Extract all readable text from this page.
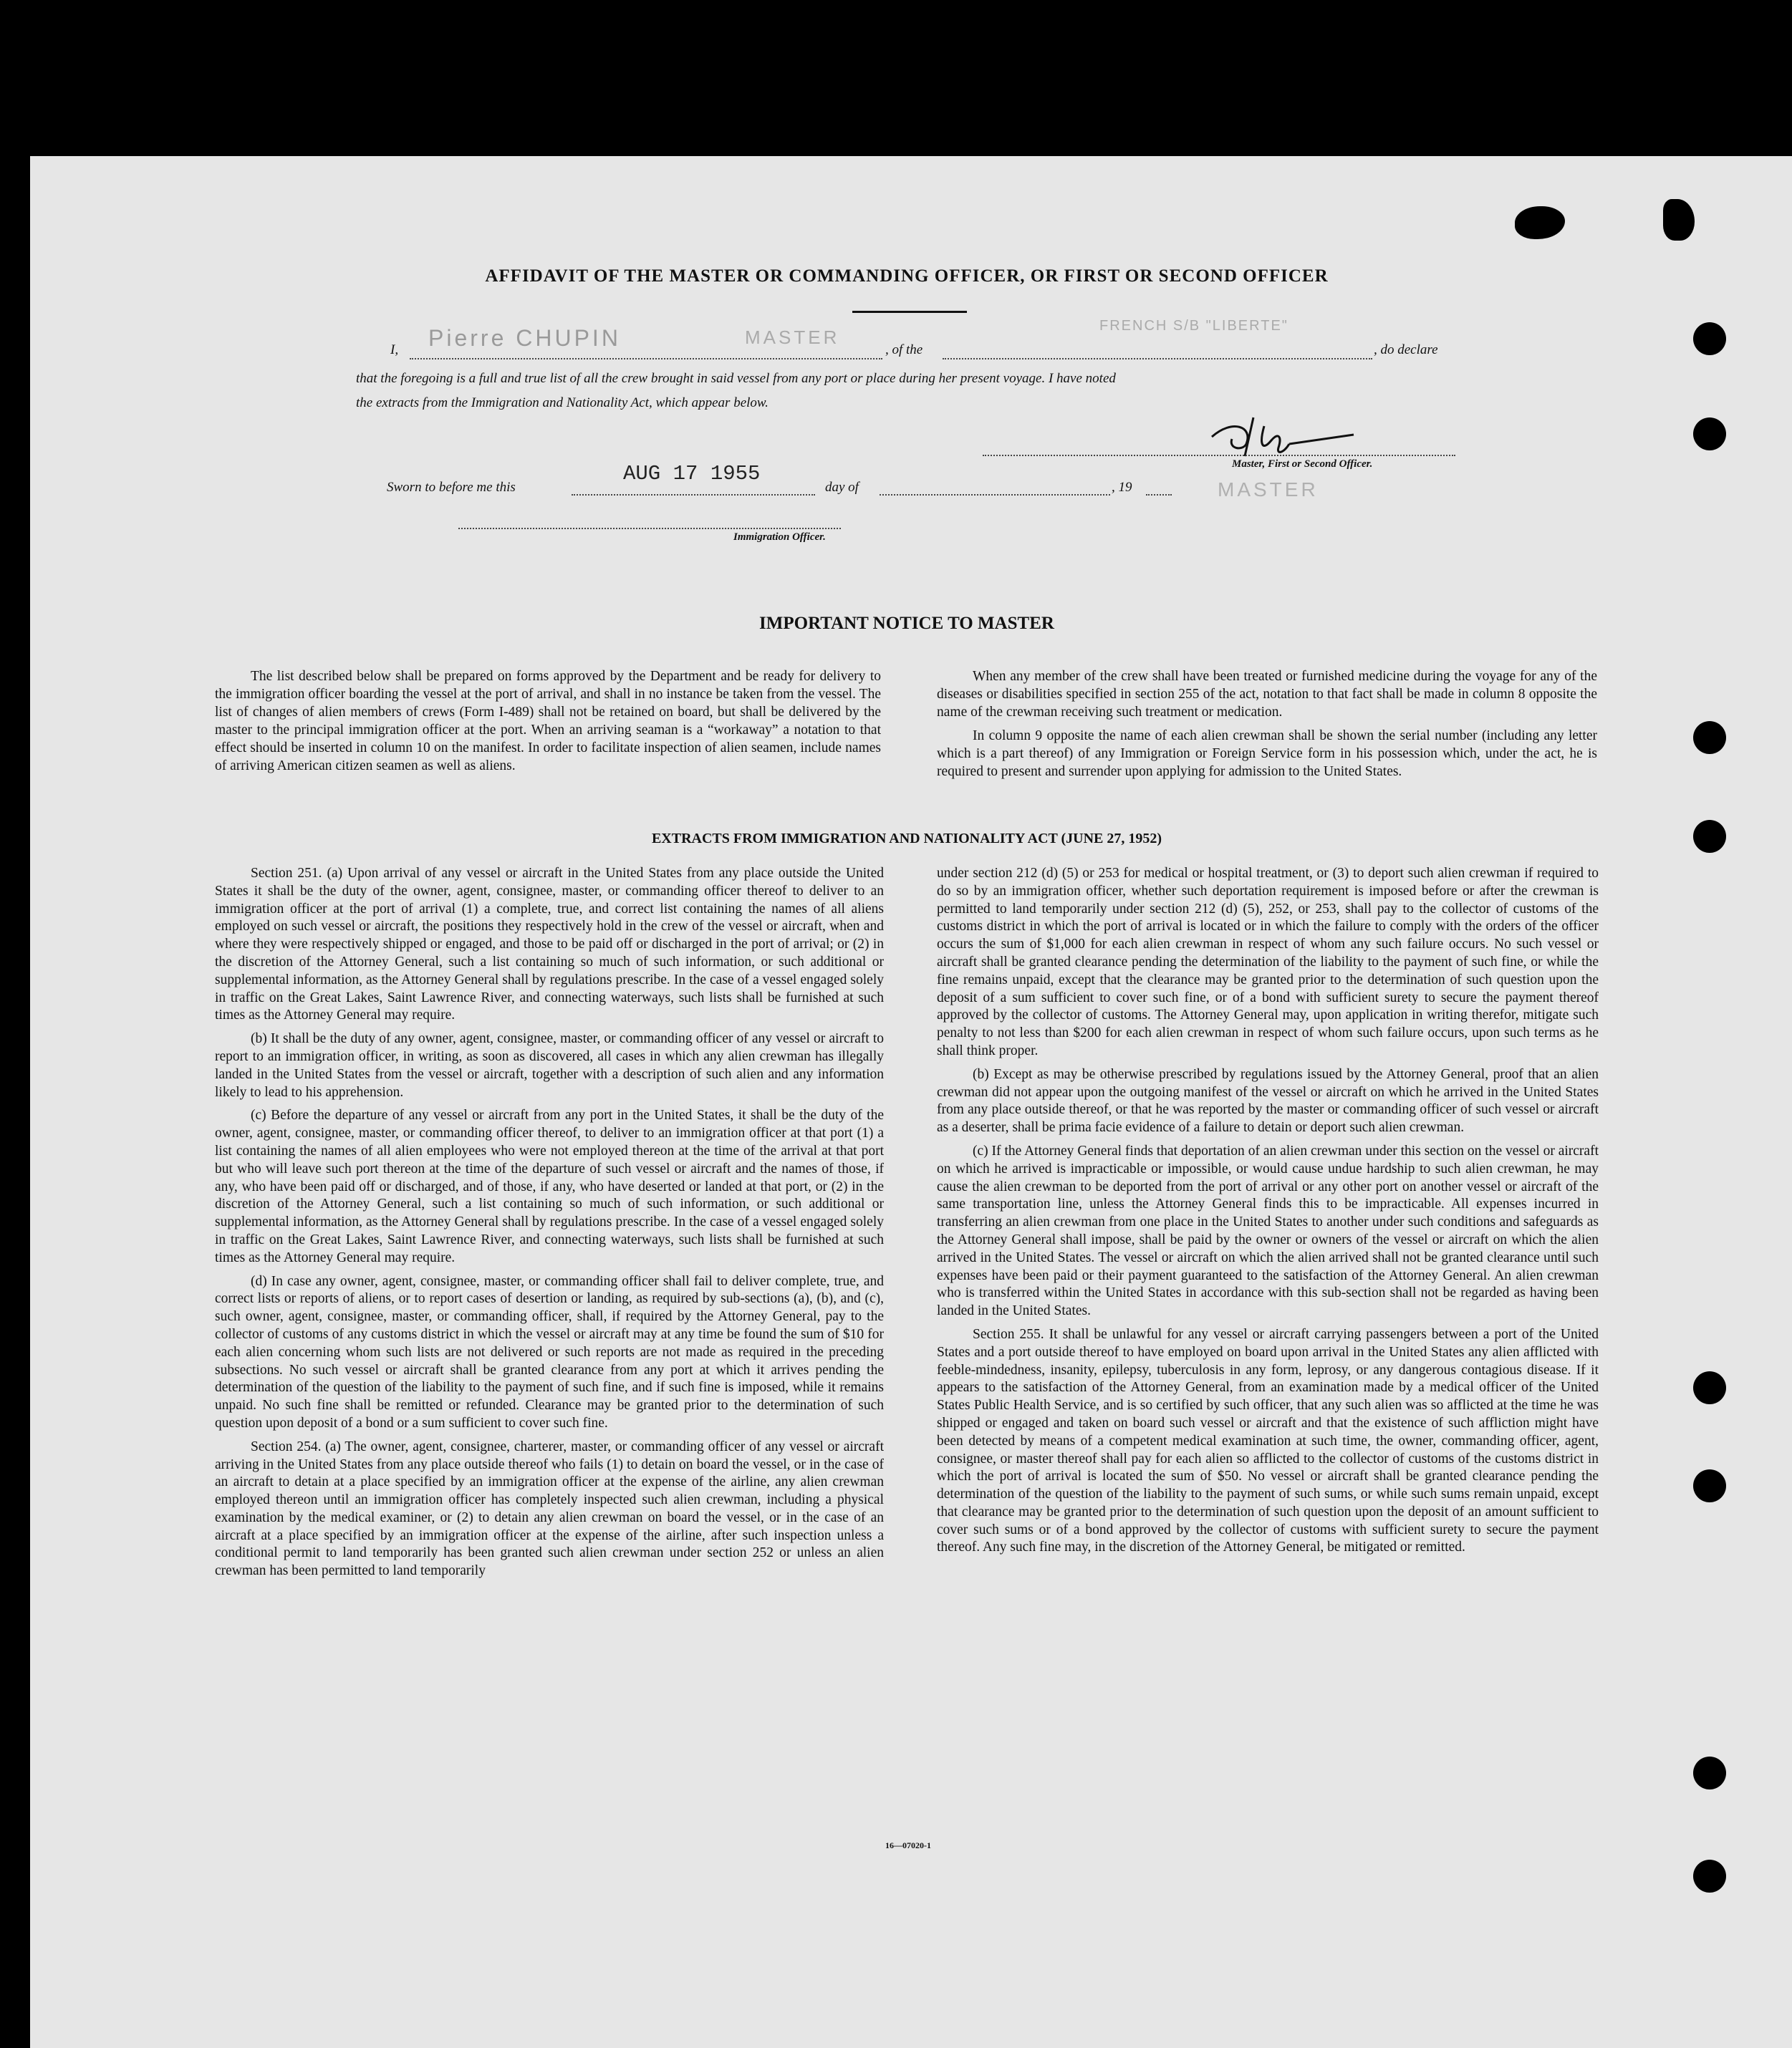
AFFIDAVIT OF THE MASTER OR COMMANDING OFFICER, OR FIRST OR SECOND OFFICER
I, Pierre CHUPIN	MASTER
, of the
FRENCH S/B "LIBERTE"
, do declare
that the foregoing is a full and true list of all the crew brought in said vessel from any port or place during her present voyage. I have noted
the extracts from the Immigration and Nationality Act, which appear below.
Master, First or Second Officer.
MASTER
Sworn to before me this
AUG 17 1955
day of	, 19
Immigration Officer.
IMPORTANT NOTICE TO MASTER

The list described below shall be prepared on forms approved by the Department and be ready for delivery to the immigration officer boarding the vessel at the port of arrival, and shall in no instance be taken from the vessel. The list of changes of alien members of crews (Form I-489) shall not be retained on board, but shall be delivered by the master to the principal immigration officer at the port. When an arriving seaman is a “workaway” a notation to that effect should be inserted in column 10 on the manifest. In order to facilitate inspection of alien seamen, include names of arriving American citizen seamen as well as aliens.

When any member of the crew shall have been treated or furnished medicine during the voyage for any of the diseases or disabilities specified in section 255 of the act, notation to that fact shall be made in column 8 opposite the name of the crewman receiving such treatment or medication.

In column 9 opposite the name of each alien crewman shall be shown the serial number (including any letter which is a part thereof) of any Immigration or Foreign Service form in his possession which, under the act, he is required to present and surrender upon applying for admission to the United States.

EXTRACTS FROM IMMIGRATION AND NATIONALITY ACT (JUNE 27, 1952)

Section 251. (a) Upon arrival of any vessel or aircraft in the United States from any place outside the United States it shall be the duty of the owner, agent, consignee, master, or commanding officer thereof to deliver to an immigration officer at the port of arrival (1) a complete, true, and correct list containing the names of all aliens employed on such vessel or aircraft, the positions they respectively hold in the crew of the vessel or aircraft, when and where they were respectively shipped or engaged, and those to be paid off or discharged in the port of arrival; or (2) in the discretion of the Attorney General, such a list containing so much of such information, or such additional or supplemental information, as the Attorney General shall by regulations prescribe. In the case of a vessel engaged solely in traffic on the Great Lakes, Saint Lawrence River, and connecting waterways, such lists shall be furnished at such times as the Attorney General may require.

(b) It shall be the duty of any owner, agent, consignee, master, or commanding officer of any vessel or aircraft to report to an immigration officer, in writing, as soon as discovered, all cases in which any alien crewman has illegally landed in the United States from the vessel or aircraft, together with a description of such alien and any information likely to lead to his apprehension.

(c) Before the departure of any vessel or aircraft from any port in the United States, it shall be the duty of the owner, agent, consignee, master, or commanding officer thereof, to deliver to an immigration officer at that port (1) a list containing the names of all alien employees who were not employed thereon at the time of the arrival at that port but who will leave such port thereon at the time of the departure of such vessel or aircraft and the names of those, if any, who have been paid off or discharged, and of those, if any, who have deserted or landed at that port, or (2) in the discretion of the Attorney General, such a list containing so much of such information, or such additional or supplemental information, as the Attorney General shall by regulations prescribe. In the case of a vessel engaged solely in traffic on the Great Lakes, Saint Lawrence River, and connecting waterways, such lists shall be furnished at such times as the Attorney General may require.

(d) In case any owner, agent, consignee, master, or commanding officer shall fail to deliver complete, true, and correct lists or reports of aliens, or to report cases of desertion or landing, as required by sub-sections (a), (b), and (c), such owner, agent, consignee, master, or commanding officer, shall, if required by the Attorney General, pay to the collector of customs of any customs district in which the vessel or aircraft may at any time be found the sum of $10 for each alien concerning whom such lists are not delivered or such reports are not made as required in the preceding subsections. No such vessel or aircraft shall be granted clearance from any port at which it arrives pending the determination of the question of the liability to the payment of such fine, and if such fine is imposed, while it remains unpaid. No such fine shall be remitted or refunded. Clearance may be granted prior to the determination of such question upon deposit of a bond or a sum sufficient to cover such fine.

Section 254. (a) The owner, agent, consignee, charterer, master, or commanding officer of any vessel or aircraft arriving in the United States from any place outside thereof who fails (1) to detain on board the vessel, or in the case of an aircraft to detain at a place specified by an immigration officer at the expense of the airline, any alien crewman employed thereon until an immigration officer has completely inspected such alien crewman, including a physical examination by the medical examiner, or (2) to detain any alien crewman on board the vessel, or in the case of an aircraft at a place specified by an immigration officer at the expense of the airline, after such inspection unless a conditional permit to land temporarily has been granted such alien crewman under section 252 or unless an alien crewman has been permitted to land temporarily

under section 212 (d) (5) or 253 for medical or hospital treatment, or (3) to deport such alien crewman if required to do so by an immigration officer, whether such deportation requirement is imposed before or after the crewman is permitted to land temporarily under section 212 (d) (5), 252, or 253, shall pay to the collector of customs of the customs district in which the port of arrival is located or in which the failure to comply with the orders of the officer occurs the sum of $1,000 for each alien crewman in respect of whom any such failure occurs. No such vessel or aircraft shall be granted clearance pending the determination of the liability to the payment of such fine, or while the fine remains unpaid, except that the clearance may be granted prior to the determination of such question upon the deposit of a sum sufficient to cover such fine, or of a bond with sufficient surety to secure the payment thereof approved by the collector of customs. The Attorney General may, upon application in writing therefor, mitigate such penalty to not less than $200 for each alien crewman in respect of whom such failure occurs, upon such terms as he shall think proper.

(b) Except as may be otherwise prescribed by regulations issued by the Attorney General, proof that an alien crewman did not appear upon the outgoing manifest of the vessel or aircraft on which he arrived in the United States from any place outside thereof, or that he was reported by the master or commanding officer of such vessel or aircraft as a deserter, shall be prima facie evidence of a failure to detain or deport such alien crewman.

(c) If the Attorney General finds that deportation of an alien crewman under this section on the vessel or aircraft on which he arrived is impracticable or impossible, or would cause undue hardship to such alien crewman, he may cause the alien crewman to be deported from the port of arrival or any other port on another vessel or aircraft of the same transportation line, unless the Attorney General finds this to be impracticable. All expenses incurred in transferring an alien crewman from one place in the United States to another under such conditions and safeguards as the Attorney General shall impose, shall be paid by the owner or owners of the vessel or aircraft on which the alien arrived in the United States. The vessel or aircraft on which the alien arrived shall not be granted clearance until such expenses have been paid or their payment guaranteed to the satisfaction of the Attorney General. An alien crewman who is transferred within the United States in accordance with this sub-section shall not be regarded as having been landed in the United States.

Section 255. It shall be unlawful for any vessel or aircraft carrying passengers between a port of the United States and a port outside thereof to have employed on board upon arrival in the United States any alien afflicted with feeble-mindedness, insanity, epilepsy, tuberculosis in any form, leprosy, or any dangerous contagious disease. If it appears to the satisfaction of the Attorney General, from an examination made by a medical officer of the United States Public Health Service, and is so certified by such officer, that any such alien was so afflicted at the time he was shipped or engaged and taken on board such vessel or aircraft and that the existence of such affliction might have been detected by means of a competent medical examination at such time, the owner, commanding officer, agent, consignee, or master thereof shall pay for each alien so afflicted to the collector of customs of the customs district in which the port of arrival is located the sum of $50. No vessel or aircraft shall be granted clearance pending the determination of the question of the liability to the payment of such sums, or while such sums remain unpaid, except that clearance may be granted prior to the determination of such question upon the deposit of an amount sufficient to cover such sums or of a bond approved by the collector of customs with sufficient surety to secure the payment thereof. Any such fine may, in the discretion of the Attorney General, be mitigated or remitted.

16—07020-1
